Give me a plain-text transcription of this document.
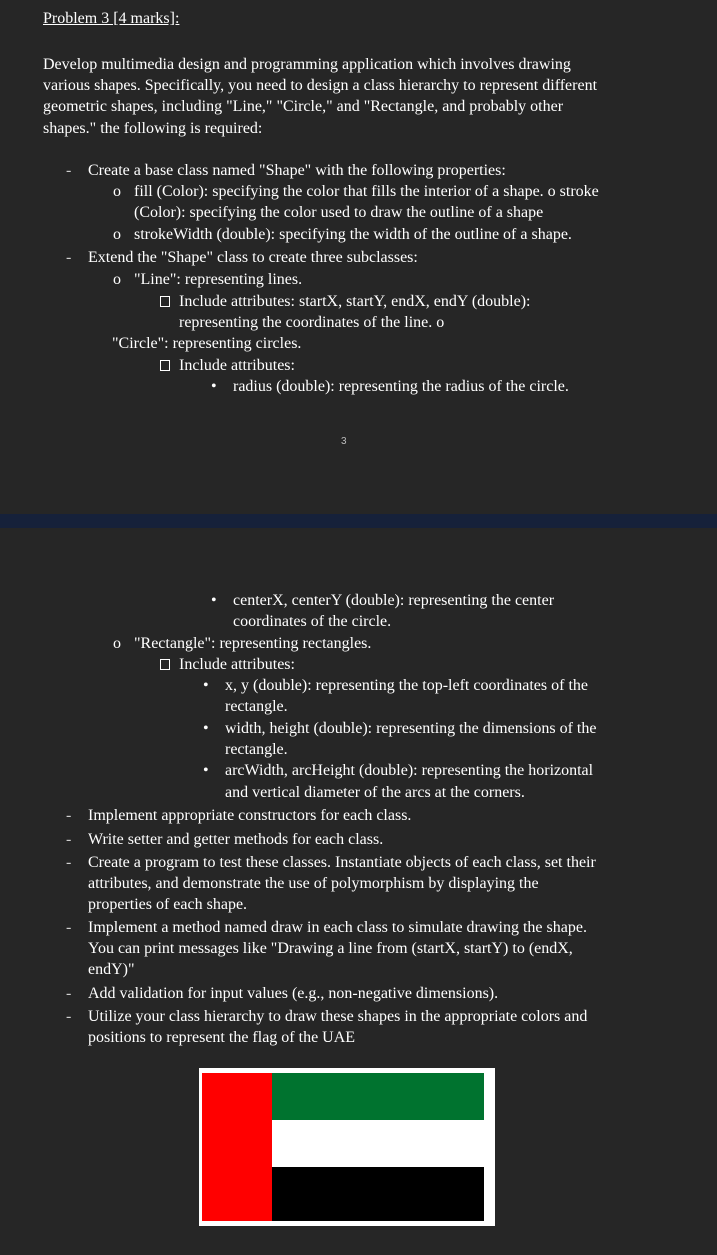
Problem 3 [4 marks]:
Develop multimedia design and programming application which involves drawing
various shapes. Specifically, you need to design a class hierarchy to represent different
geometric shapes, including "Line," "Circle," and "Rectangle, and probably other
shapes." the following is required:
- Create a base class named "Shape" with the following properties:
o fill (Color): specifying the color that fills the interior of a shape. o stroke
(Color): specifying the color used to draw the outline of a shape
o strokeWidth (double): specifying the width of the outline of a shape.
- Extend the "Shape" class to create three subclasses:
o "Line": representing lines.
Include attributes: startX, startY, endX, endY (double):
representing the coordinates of the line. o
"Circle": representing circles.
Include attributes:
• radius (double): representing the radius of the circle.
3
• centerX, centerY (double): representing the center
coordinates of the circle.
o "Rectangle": representing rectangles.
Include attributes:
• x, y (double): representing the top-left coordinates of the
rectangle.
• width, height (double): representing the dimensions of the
rectangle.
• arcWidth, arcHeight (double): representing the horizontal
and vertical diameter of the arcs at the corners.
- Implement appropriate constructors for each class.
- Write setter and getter methods for each class.
- Create a program to test these classes. Instantiate objects of each class, set their
attributes, and demonstrate the use of polymorphism by displaying the
properties of each shape.
- Implement a method named draw in each class to simulate drawing the shape.
You can print messages like "Drawing a line from (startX, startY) to (endX,
endY)"
- Add validation for input values (e.g., non-negative dimensions).
- Utilize your class hierarchy to draw these shapes in the appropriate colors and
positions to represent the flag of the UAE
